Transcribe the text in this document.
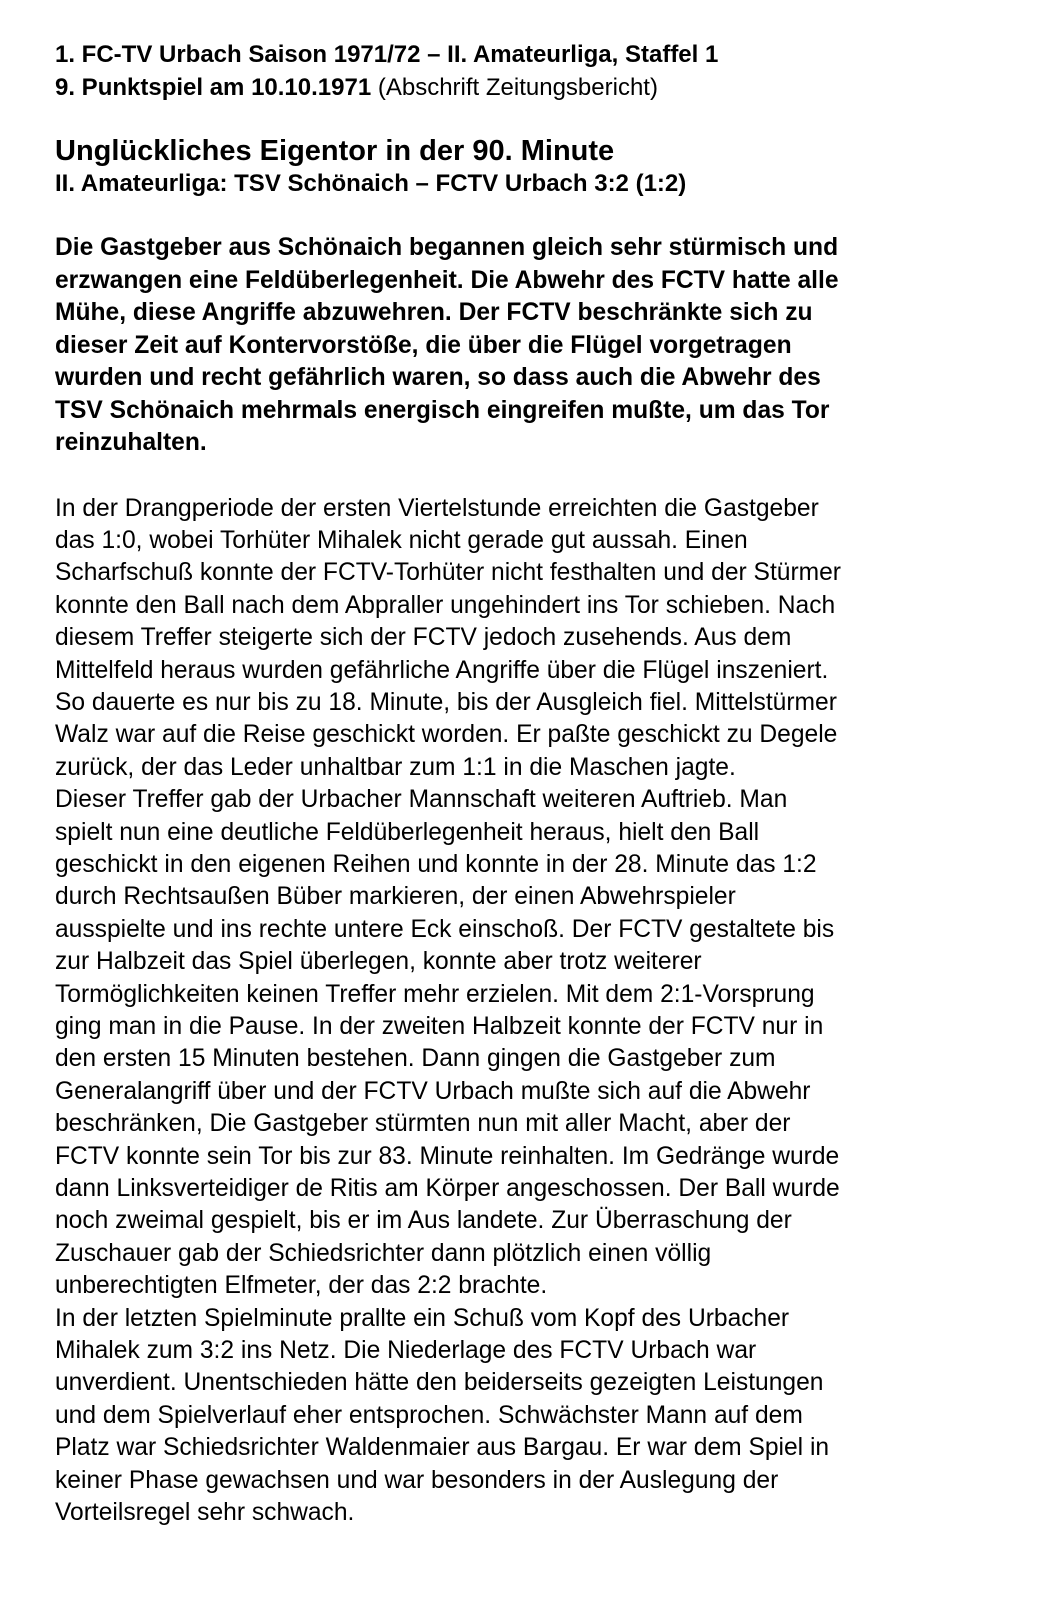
1. FC-TV Urbach Saison 1971/72 – II. Amateurliga, Staffel 1

9. Punktspiel am 10.10.1971 (Abschrift Zeitungsbericht)

Unglückliches Eigentor in der 90. Minute
II. Amateurliga: TSV Schönaich – FCTV Urbach 3:2 (1:2)
Die Gastgeber aus Schönaich begannen gleich sehr stürmisch und
erzwangen eine Feldüberlegenheit. Die Abwehr des FCTV hatte alle
Mühe, diese Angriffe abzuwehren. Der FCTV beschränkte sich zu
dieser Zeit auf Kontervorstöße, die über die Flügel vorgetragen
wurden und recht gefährlich waren, so dass auch die Abwehr des
TSV Schönaich mehrmals energisch eingreifen mußte, um das Tor
reinzuhalten.
In der Drangperiode der ersten Viertelstunde erreichten die Gastgeber
das 1:0, wobei Torhüter Mihalek nicht gerade gut aussah. Einen
Scharfschuß konnte der FCTV-Torhüter nicht festhalten und der Stürmer
konnte den Ball nach dem Abpraller ungehindert ins Tor schieben. Nach
diesem Treffer steigerte sich der FCTV jedoch zusehends. Aus dem
Mittelfeld heraus wurden gefährliche Angriffe über die Flügel inszeniert.
So dauerte es nur bis zu 18. Minute, bis der Ausgleich fiel. Mittelstürmer
Walz war auf die Reise geschickt worden. Er paßte geschickt zu Degele
zurück, der das Leder unhaltbar zum 1:1 in die Maschen jagte.
Dieser Treffer gab der Urbacher Mannschaft weiteren Auftrieb. Man
spielt nun eine deutliche Feldüberlegenheit heraus, hielt den Ball
geschickt in den eigenen Reihen und konnte in der 28. Minute das 1:2
durch Rechtsaußen Büber markieren, der einen Abwehrspieler
ausspielte und ins rechte untere Eck einschoß. Der FCTV gestaltete bis
zur Halbzeit das Spiel überlegen, konnte aber trotz weiterer
Tormöglichkeiten keinen Treffer mehr erzielen. Mit dem 2:1-Vorsprung
ging man in die Pause. In der zweiten Halbzeit konnte der FCTV nur in
den ersten 15 Minuten bestehen. Dann gingen die Gastgeber zum
Generalangriff über und der FCTV Urbach mußte sich auf die Abwehr
beschränken, Die Gastgeber stürmten nun mit aller Macht, aber der
FCTV konnte sein Tor bis zur 83. Minute reinhalten. Im Gedränge wurde
dann Linksverteidiger de Ritis am Körper angeschossen. Der Ball wurde
noch zweimal gespielt, bis er im Aus landete. Zur Überraschung der
Zuschauer gab der Schiedsrichter dann plötzlich einen völlig
unberechtigten Elfmeter, der das 2:2 brachte.
In der letzten Spielminute prallte ein Schuß vom Kopf des Urbacher
Mihalek zum 3:2 ins Netz. Die Niederlage des FCTV Urbach war
unverdient. Unentschieden hätte den beiderseits gezeigten Leistungen
und dem Spielverlauf eher entsprochen. Schwächster Mann auf dem
Platz war Schiedsrichter Waldenmaier aus Bargau. Er war dem Spiel in
keiner Phase gewachsen und war besonders in der Auslegung der
Vorteilsregel sehr schwach.
